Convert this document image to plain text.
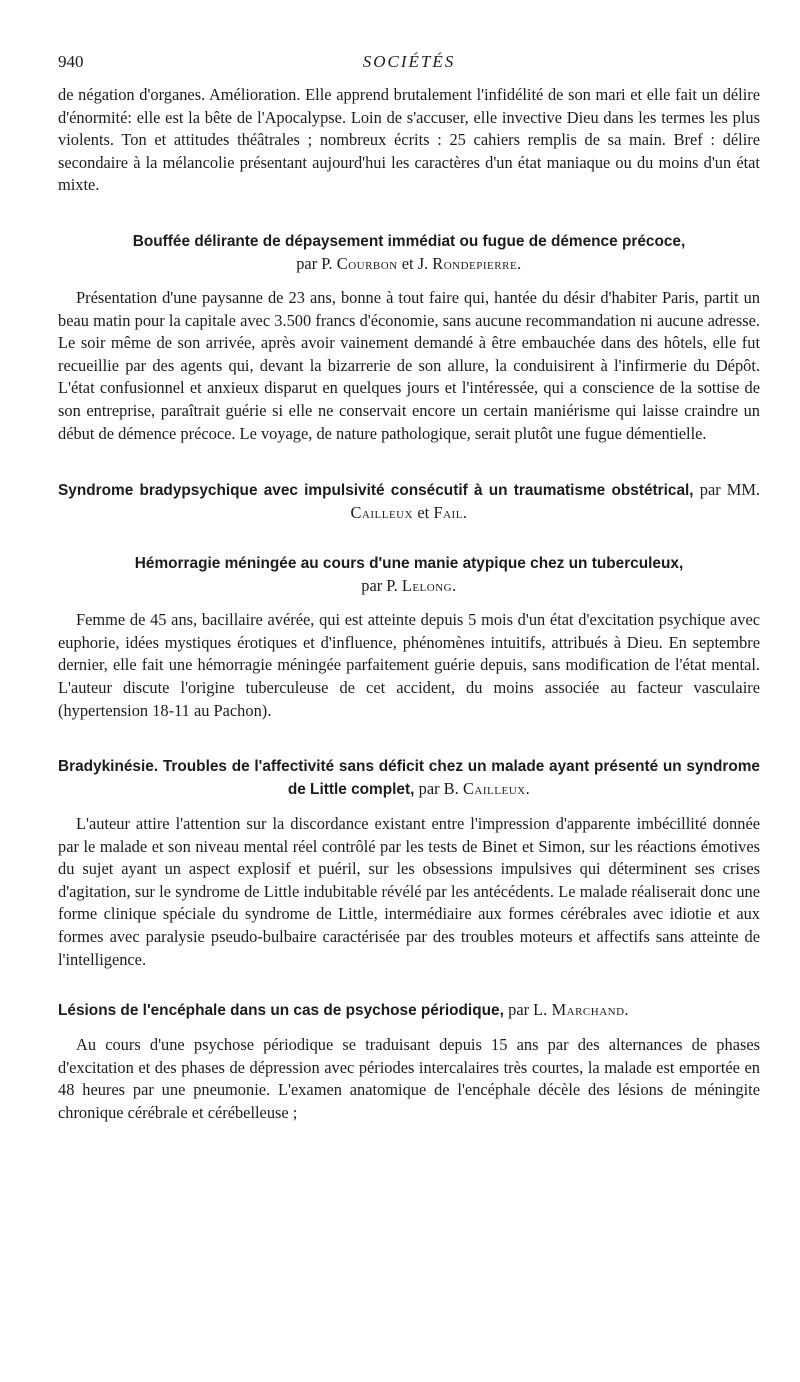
940	SOCIÉTÉS

de négation d'organes. Amélioration. Elle apprend brutalement l'infidélité de son mari et elle fait un délire d'énormité: elle est la bête de l'Apocalypse. Loin de s'accuser, elle invective Dieu dans les termes les plus violents. Ton et attitudes théâtrales ; nombreux écrits : 25 cahiers remplis de sa main. Bref : délire secondaire à la mélancolie présentant aujourd'hui les caractères d'un état maniaque ou du moins d'un état mixte.

Bouffée délirante de dépaysement immédiat ou fugue de démence précoce,
par P. Courbon et J. Rondepierre.

Présentation d'une paysanne de 23 ans, bonne à tout faire qui, hantée du désir d'habiter Paris, partit un beau matin pour la capitale avec 3.500 francs d'économie, sans aucune recommandation ni aucune adresse. Le soir même de son arrivée, après avoir vainement demandé à être embauchée dans des hôtels, elle fut recueillie par des agents qui, devant la bizarrerie de son allure, la conduisirent à l'infirmerie du Dépôt. L'état confusionnel et anxieux disparut en quelques jours et l'intéressée, qui a conscience de la sottise de son entreprise, paraîtrait guérie si elle ne conservait encore un certain maniérisme qui laisse craindre un début de démence précoce. Le voyage, de nature pathologique, serait plutôt une fugue démentielle.

Syndrome bradypsychique avec impulsivité consécutif à un traumatisme obstétrical, par MM. Cailleux et Fail.
Hémorragie méningée au cours d'une manie atypique chez un tuberculeux,
par P. Lelong.

Femme de 45 ans, bacillaire avérée, qui est atteinte depuis 5 mois d'un état d'excitation psychique avec euphorie, idées mystiques érotiques et d'influence, phénomènes intuitifs, attribués à Dieu. En septembre dernier, elle fait une hémorragie méningée parfaitement guérie depuis, sans modification de l'état mental. L'auteur discute l'origine tuberculeuse de cet accident, du moins associée au facteur vasculaire (hypertension 18-11 au Pachon).

Bradykinésie. Troubles de l'affectivité sans déficit chez un malade ayant présenté un syndrome de Little complet, par B. Cailleux.

L'auteur attire l'attention sur la discordance existant entre l'impression d'apparente imbécillité donnée par le malade et son niveau mental réel contrôlé par les tests de Binet et Simon, sur les réactions émotives du sujet ayant un aspect explosif et puéril, sur les obsessions impulsives qui déterminent ses crises d'agitation, sur le syndrome de Little indubitable révélé par les antécédents. Le malade réaliserait donc une forme clinique spéciale du syndrome de Little, intermédiaire aux formes cérébrales avec idiotie et aux formes avec paralysie pseudo-bulbaire caractérisée par des troubles moteurs et affectifs sans atteinte de l'intelligence.

Lésions de l'encéphale dans un cas de psychose périodique, par L. Marchand.

Au cours d'une psychose périodique se traduisant depuis 15 ans par des alternances de phases d'excitation et des phases de dépression avec périodes intercalaires très courtes, la malade est emportée en 48 heures par une pneumonie. L'examen anatomique de l'encéphale décèle des lésions de méningite chronique cérébrale et cérébelleuse ;
